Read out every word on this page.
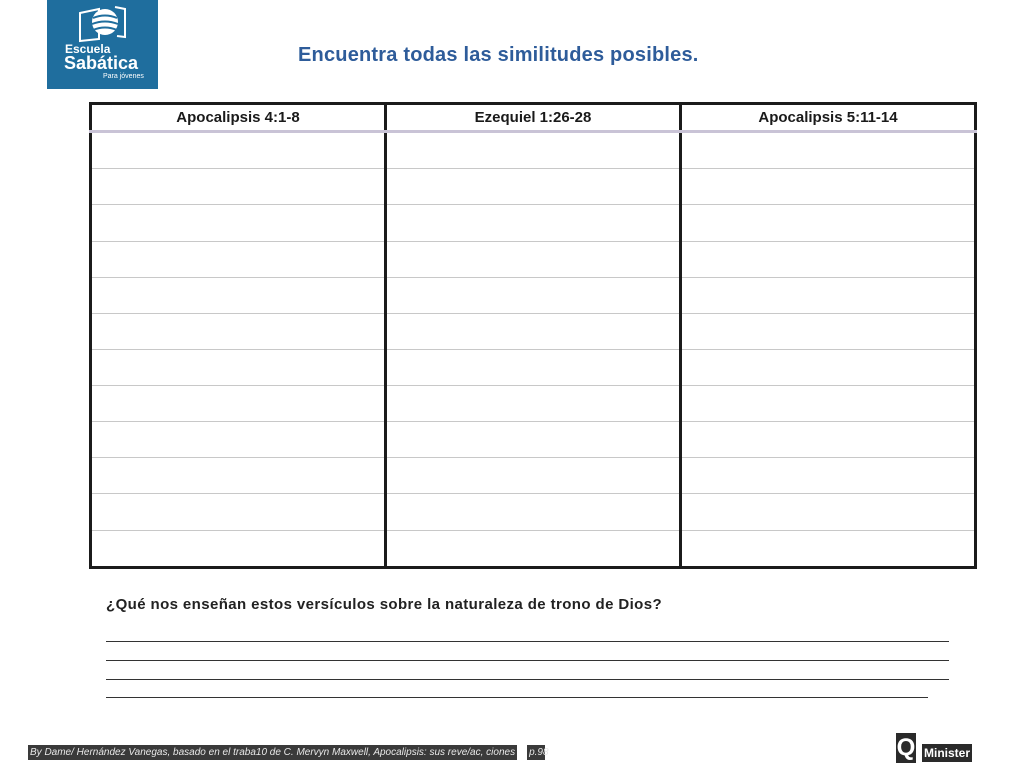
Escuela
Sabática
Para jóvenes
Encuentra todas las similitudes posibles.
Apocalipsis 4:1-8	Ezequiel 1:26-28	Apocalipsis 5:11-14

¿Qué nos enseñan estos versículos sobre la naturaleza de trono de Dios?
By Dame/ Hernández Vanegas, basado en el traba10 de C. Mervyn Maxwell, Apocalipsis: sus reve/ac, ciones p.98	Q Minister
